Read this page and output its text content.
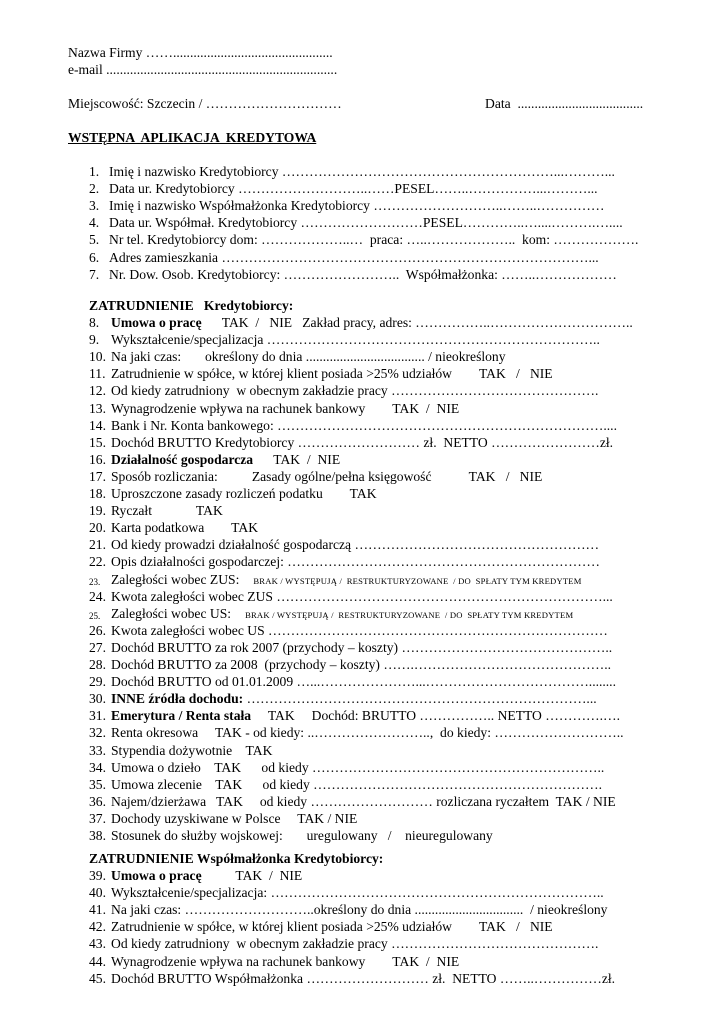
Nazwa Firmy ……...............................................
e-mail ....................................................................
Miejscowość: Szczecin / …………………………	Data  .....................................
WSTĘPNA  APLIKACJA  KREDYTOWA
1. Imię i nazwisko Kredytobiorcy ……………………………………………………...………...
2. Data ur. Kredytobiorcy ………………………..……PESEL……..……………...………...
3. Imię i nazwisko Współmałżonka Kredytobiorcy ………………………..……..……………
4. Data ur. Współmał. Kredytobiorcy ………………………PESEL…………..…....……….…....
5. Nr tel. Kredytobiorcy dom: ………………..…  praca: …..………………..  kom: ……………….
6. Adres zamieszkania ………………………………………………………………………...
7. Nr. Dow. Osob. Kredytobiorcy: ……………………..  Współmałżonka: ……..………………
ZATRUDNIENIE   Kredytobiorcy:
8. Umowa o pracę      TAK  /   NIE   Zakład pracy, adres: ……………..…………………………..
9. Wykształcenie/specjalizacja ………………………………………………………………..
10. Na jaki czas:       określony do dnia ................................... / nieokreślony
11. Zatrudnienie w spółce, w której klient posiada >25% udziałów        TAK   /   NIE
12. Od kiedy zatrudniony  w obecnym zakładzie pracy ……………………………………….
13. Wynagrodzenie wpływa na rachunek bankowy        TAK  /  NIE
14. Bank i Nr. Konta bankowego: ………………………………………………………………....
15. Dochód BRUTTO Kredytobiorcy ……………………… zł.  NETTO ……………………zł.
16. Działalność gospodarcza      TAK  /  NIE
17. Sposób rozliczania:          Zasady ogólne/pełna księgowość           TAK   /   NIE
18. Uproszczone zasady rozliczeń podatku        TAK
19. Ryczałt             TAK
20. Karta podatkowa        TAK
21. Od kiedy prowadzi działalność gospodarczą ………………………………………………
22. Opis działalności gospodarczej: ……………………………………………………………
23. Zaległości wobec ZUS: BRAK / WYSTĘPUJĄ /  RESTRUKTURYZOWANE  / DO  SPŁATY TYM KREDYTEM
24. Kwota zaległości wobec ZUS ………………………………………………………………...
25. Zaległości wobec US: BRAK / WYSTĘPUJĄ /  RESTRUKTURYZOWANE  / DO  SPŁATY TYM KREDYTEM
26. Kwota zaległości wobec US …………………………………………………………………
27. Dochód BRUTTO za rok 2007 (przychody – koszty) ………………………………………..
28. Dochód BRUTTO za 2008  (przychody – koszty) …….……………………………………..
29. Dochód BRUTTO od 01.01.2009 …...…………………...………………………………........
30. INNE źródła dochodu: …………………………………………………………………...
31. Emerytura / Renta stała     TAK     Dochód: BRUTTO …………….. NETTO ………….….
32. Renta okresowa     TAK - od kiedy: ..……………………..,  do kiedy: ………………………..
33. Stypendia dożywotnie    TAK
34. Umowa o dzieło    TAK      od kiedy ………………………………………………………..
35. Umowa zlecenie    TAK      od kiedy ……………………………………………………….
36. Najem/dzierżawa   TAK     od kiedy ……………………… rozliczana ryczałtem  TAK / NIE
37. Dochody uzyskiwane w Polsce     TAK / NIE
38. Stosunek do służby wojskowej:       uregulowany   /    nieuregulowany
ZATRUDNIENIE Współmałżonka Kredytobiorcy:
39. Umowa o pracę          TAK  /  NIE
40. Wykształcenie/specjalizacja: ………………………………………………………………..
41. Na jaki czas: ………………………..określony do dnia ................................  / nieokreślony
42. Zatrudnienie w spółce, w której klient posiada >25% udziałów        TAK   /   NIE
43. Od kiedy zatrudniony  w obecnym zakładzie pracy ……………………………………….
44. Wynagrodzenie wpływa na rachunek bankowy        TAK  /  NIE
45. Dochód BRUTTO Współmałżonka ……………………… zł.  NETTO ……..……………zł.
